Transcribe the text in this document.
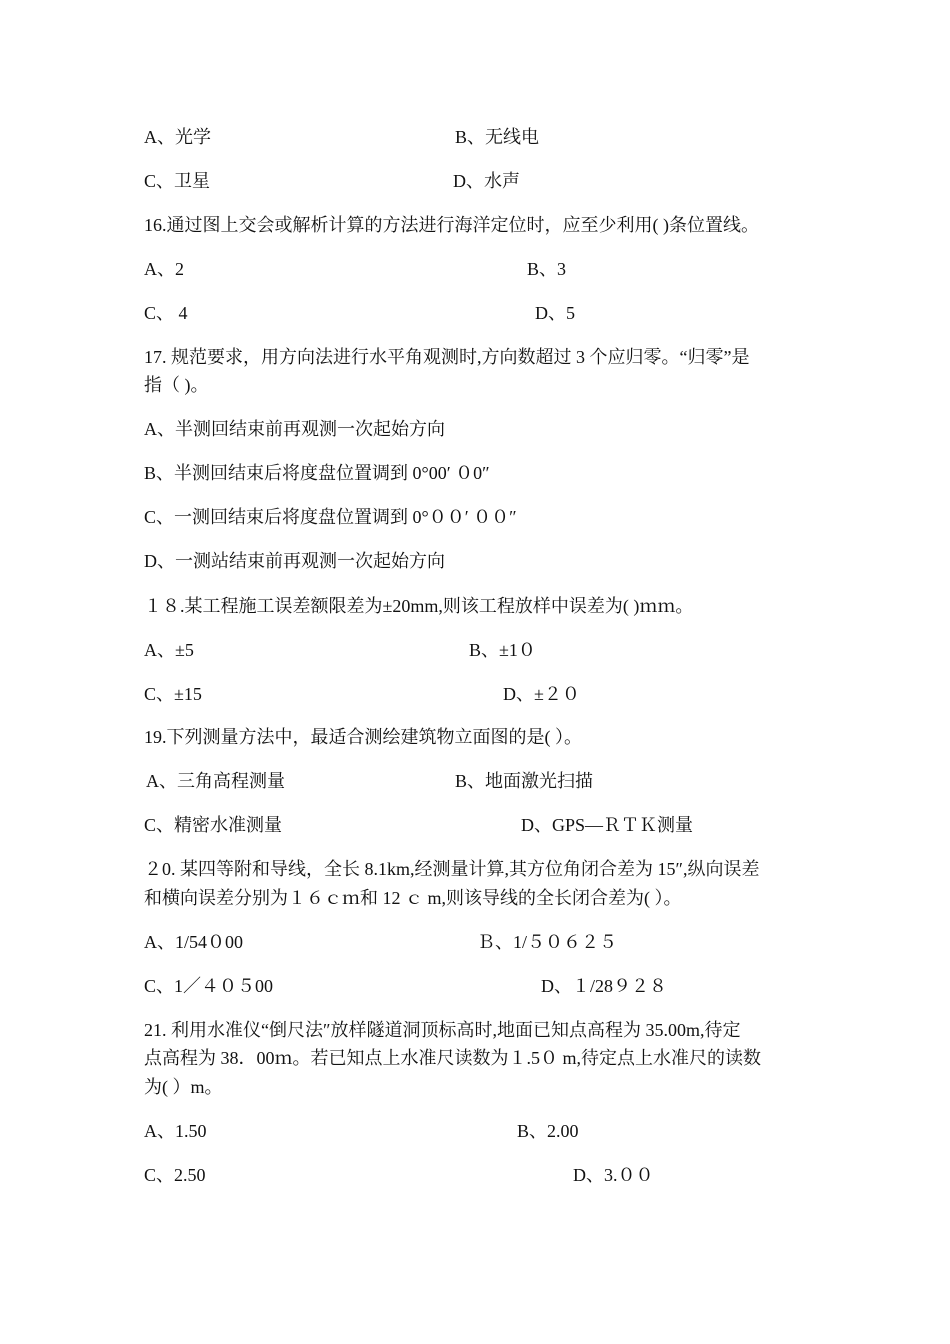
A、光学	B、无线电
C、卫星	D、水声
16.通过图上交会或解析计算的方法进行海洋定位时，应至少利用( )条位置线。
A、2	B、3
C、 4	D、5
17. 规范要求，用方向法进行水平角观测时,方向数超过 3 个应归零。“归零”是
指（ )。
A、半测回结束前再观测一次起始方向
B、半测回结束后将度盘位置调到 0°00′ ０0″
C、一测回结束后将度盘位置调到 0°００′ ００″
D、一测站结束前再观测一次起始方向
１８.某工程施工误差额限差为±20mm,则该工程放样中误差为( )ｍｍ。
A、±5	B、±1０
C、±15	D、±２０
19.下列测量方法中，最适合测绘建筑物立面图的是( ）。
A、三角高程测量	B、地面激光扫描
C、精密水准测量	D、GPS—ＲＴＫ测量
２0. 某四等附和导线，全长 8.1km,经测量计算,其方位角闭合差为 15″,纵向误差
和横向误差分别为１６ｃｍ和 12 ｃ m,则该导线的全长闭合差为( ）。
A、1/54０00	Ｂ、1/５０６２５
C、1／４０５00	D、１/28９２８
21. 利用水准仪“倒尺法″放样隧道洞顶标高时,地面已知点高程为 35.00m,待定
点高程为 38．00ｍ。若已知点上水准尺读数为１.5０ m,待定点上水准尺的读数
为( ）m。
A、1.50	B、2.00
C、2.50	D、3.００
